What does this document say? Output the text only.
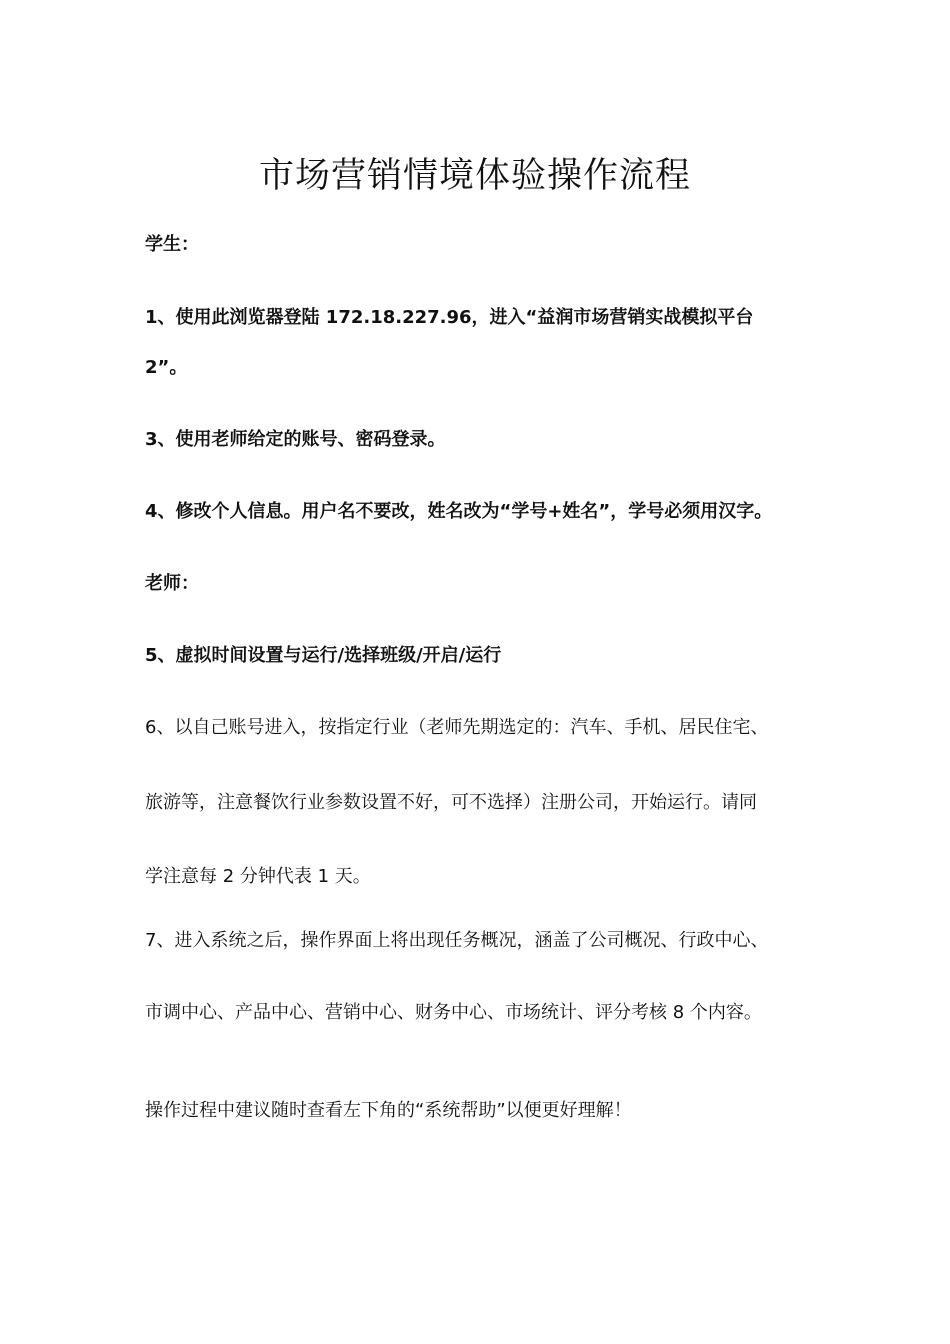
市场营销情境体验操作流程

学生：

1、使用此浏览器登陆 172.18.227.96，进入“益润市场营销实战模拟平台

2”。

3、使用老师给定的账号、密码登录。

4、修改个人信息。用户名不要改，姓名改为“学号+姓名”，学号必须用汉字。

老师：

5、虚拟时间设置与运行/选择班级/开启/运行

6、以自己账号进入，按指定行业（老师先期选定的：汽车、手机、居民住宅、

旅游等，注意餐饮行业参数设置不好，可不选择）注册公司，开始运行。请同

学注意每 2 分钟代表 1 天。

7、进入系统之后，操作界面上将出现任务概况，涵盖了公司概况、行政中心、

市调中心、产品中心、营销中心、财务中心、市场统计、评分考核 8 个内容。

操作过程中建议随时查看左下角的“系统帮助”以便更好理解！
